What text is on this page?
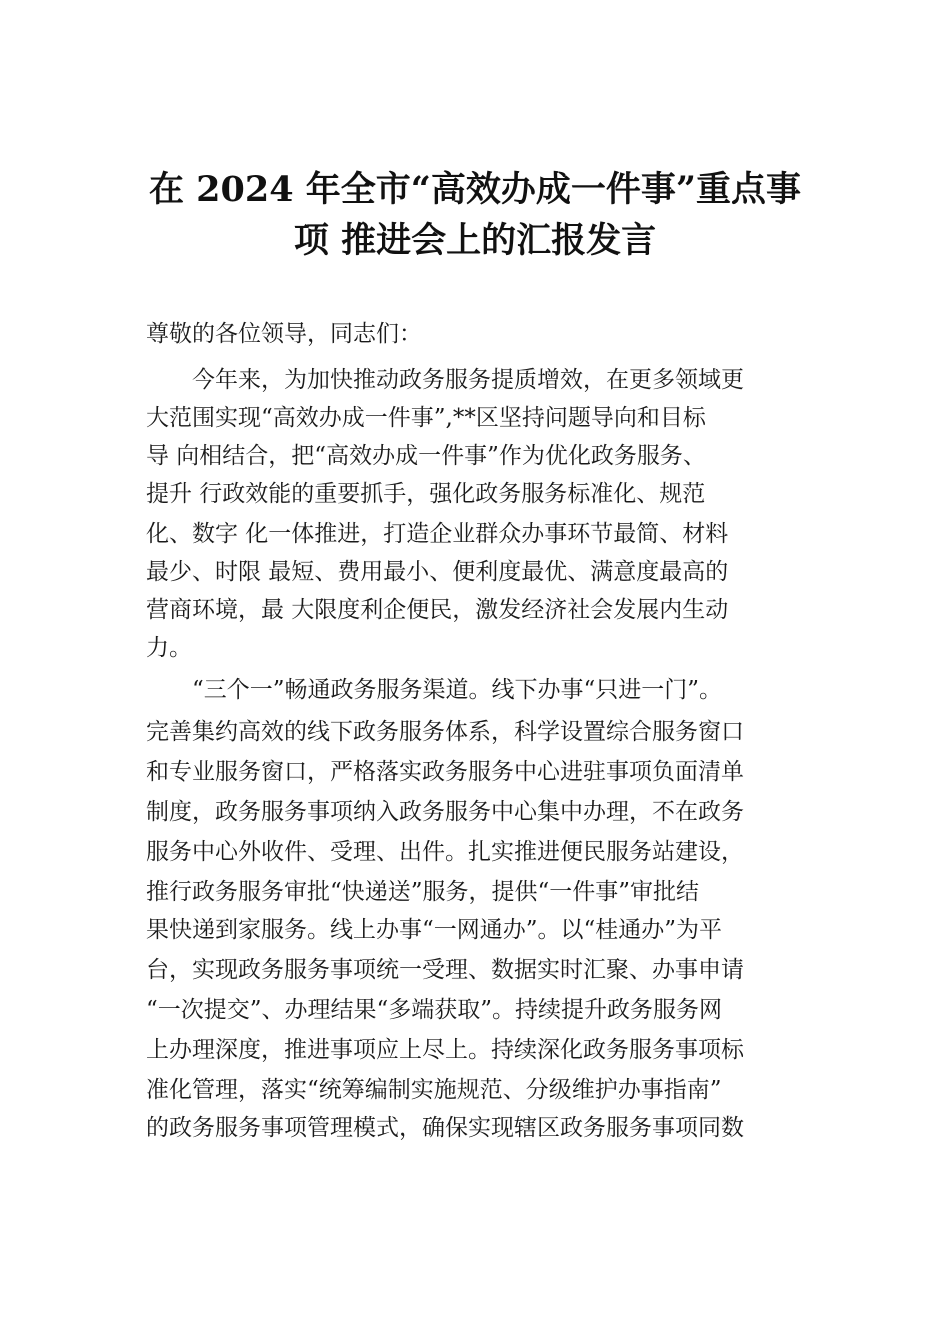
在 2024 年全市“高效办成一件事”重点事
项 推进会上的汇报发言
尊敬的各位领导，同志们：
今年来，为加快推动政务服务提质增效，在更多领域更
大范围实现“高效办成一件事”,**区坚持问题导向和目标
导 向相结合，把“高效办成一件事”作为优化政务服务、
提升 行政效能的重要抓手，强化政务服务标准化、规范
化、数字 化一体推进，打造企业群众办事环节最简、材料
最少、时限 最短、费用最小、便利度最优、满意度最高的
营商环境，最 大限度利企便民，激发经济社会发展内生动
力。
“三个一”畅通政务服务渠道。线下办事“只进一门”。
完善集约高效的线下政务服务体系，科学设置综合服务窗口
和专业服务窗口，严格落实政务服务中心进驻事项负面清单
制度，政务服务事项纳入政务服务中心集中办理，不在政务
服务中心外收件、受理、出件。扎实推进便民服务站建设，
推行政务服务审批“快递送”服务，提供“一件事”审批结
果快递到家服务。线上办事“一网通办”。以“桂通办”为平
台，实现政务服务事项统一受理、数据实时汇聚、办事申请
“一次提交”、办理结果“多端获取”。持续提升政务服务网
上办理深度，推进事项应上尽上。持续深化政务服务事项标
准化管理，落实“统筹编制实施规范、分级维护办事指南”
的政务服务事项管理模式，确保实现辖区政务服务事项同数
